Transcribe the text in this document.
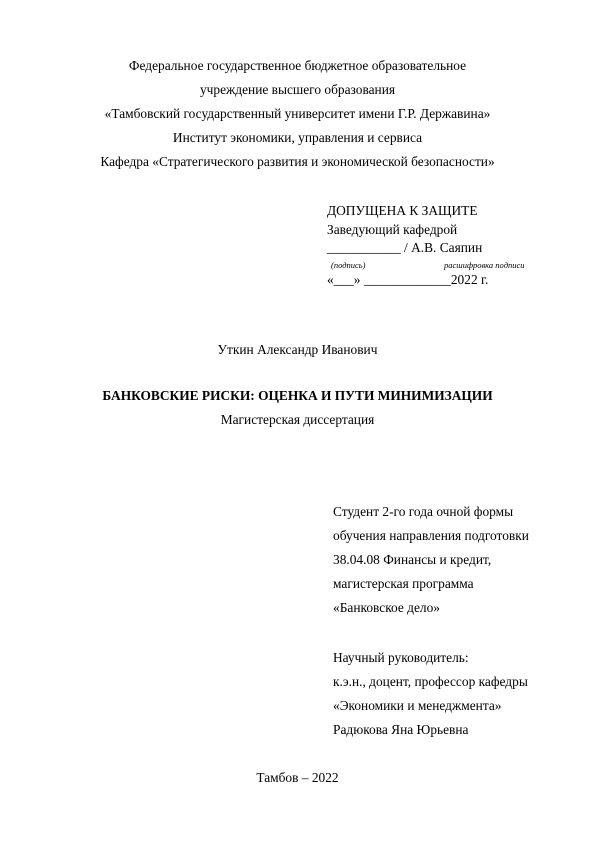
Федеральное государственное бюджетное образовательное
учреждение высшего образования
«Тамбовский государственный университет имени Г.Р. Державина»
Институт экономики, управления и сервиса
Кафедра «Стратегического развития и экономической безопасности»
ДОПУЩЕНА К ЗАЩИТЕ
Заведующий кафедрой
___________ / А.В. Саяпин
(подпись)	расшифровка подписи
«___» _____________2022 г.
Уткин Александр Иванович
БАНКОВСКИЕ РИСКИ: ОЦЕНКА И ПУТИ МИНИМИЗАЦИИ
Магистерская диссертация
Студент 2-го года очной формы
обучения направления подготовки
38.04.08 Финансы и кредит,
магистерская программа
«Банковское дело»
Научный руководитель:
к.э.н., доцент, профессор кафедры
«Экономики и менеджмента»
Радюкова Яна Юрьевна
Тамбов – 2022
